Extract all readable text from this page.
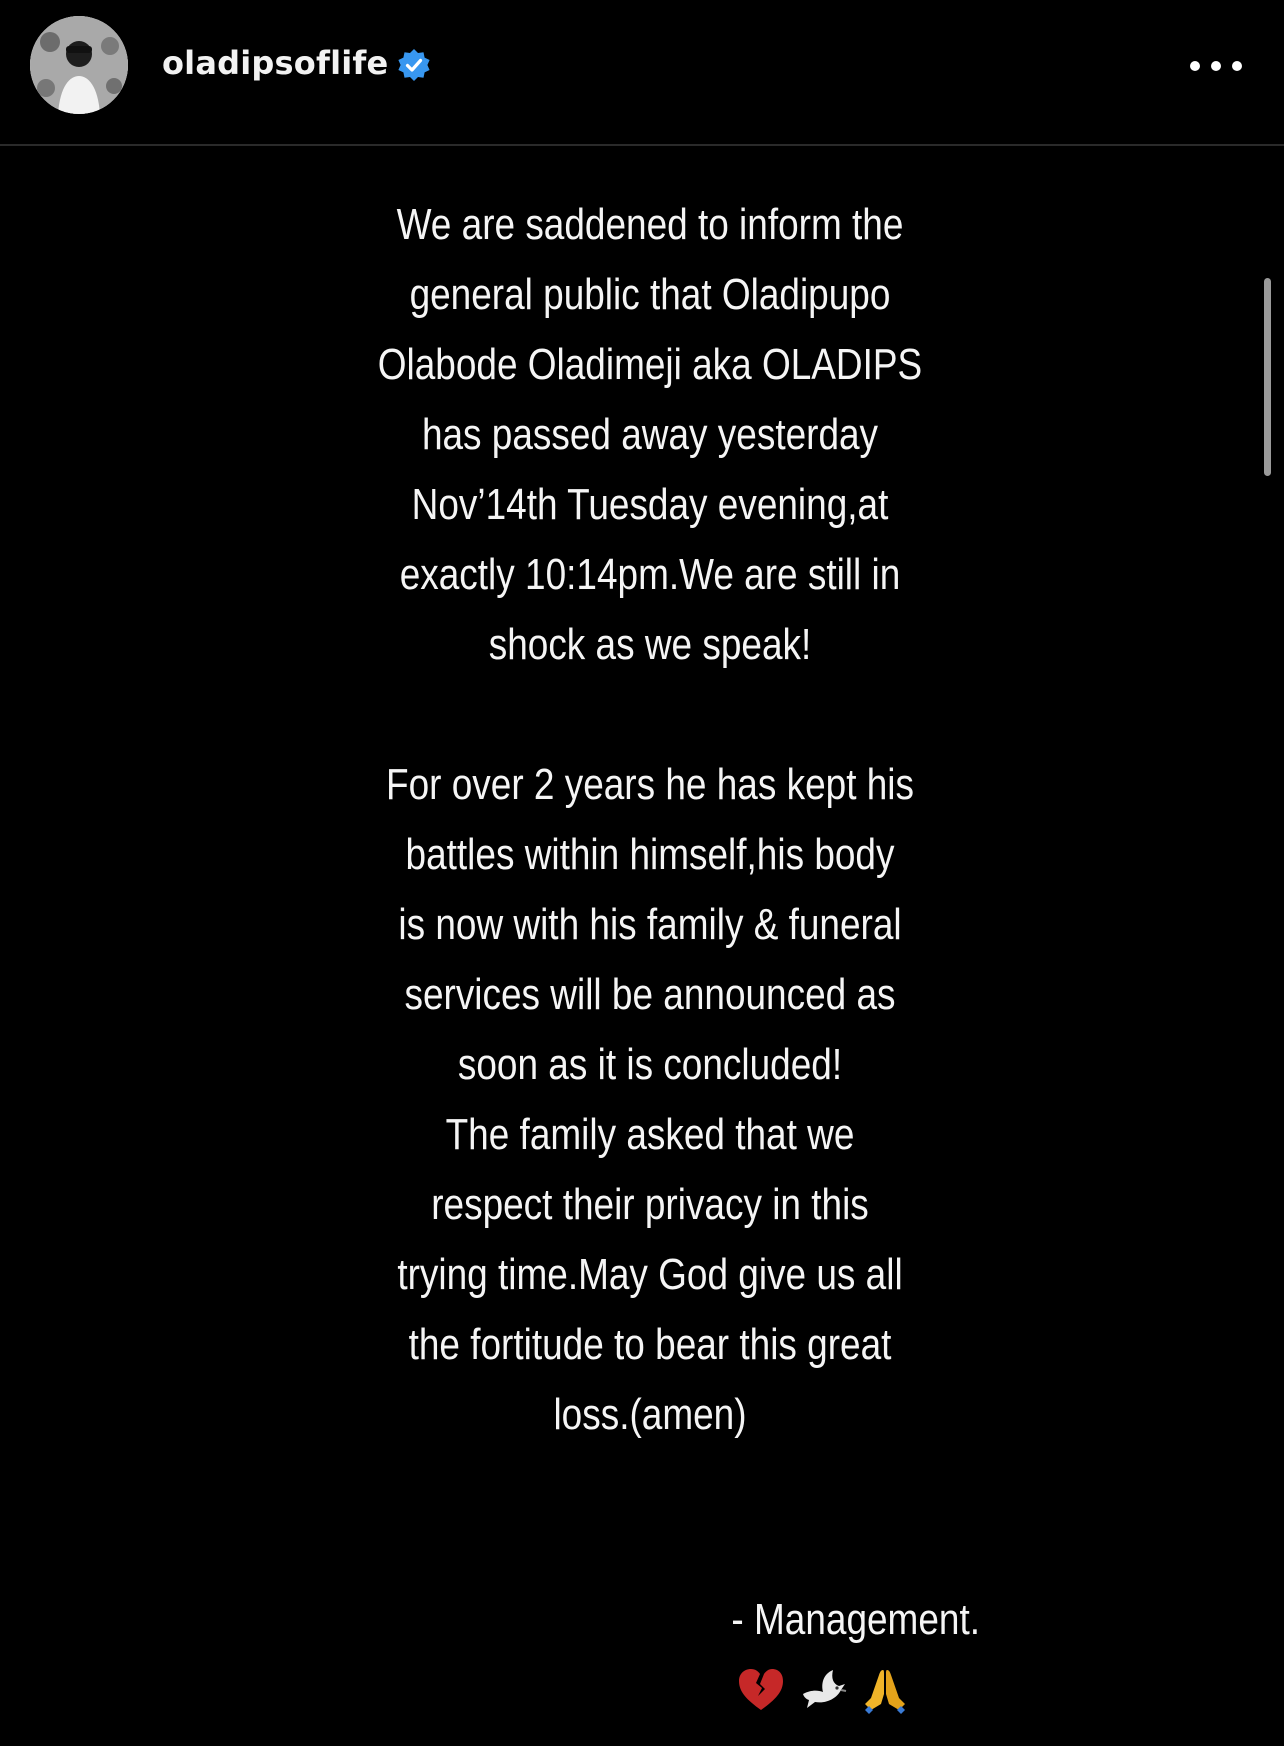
oladipsoflife

We are saddened to inform the
general public that Oladipupo
Olabode Oladimeji aka OLADIPS
has passed away yesterday
Nov’14th Tuesday evening,at
exactly 10:14pm.We are still in
shock as we speak!

For over 2 years he has kept his
battles within himself,his body
is now with his family & funeral
services will be announced as
soon as it is concluded!
The family asked that we
respect their privacy in this
trying time.May God give us all
the fortitude to bear this great
loss.(amen)

- Management.
